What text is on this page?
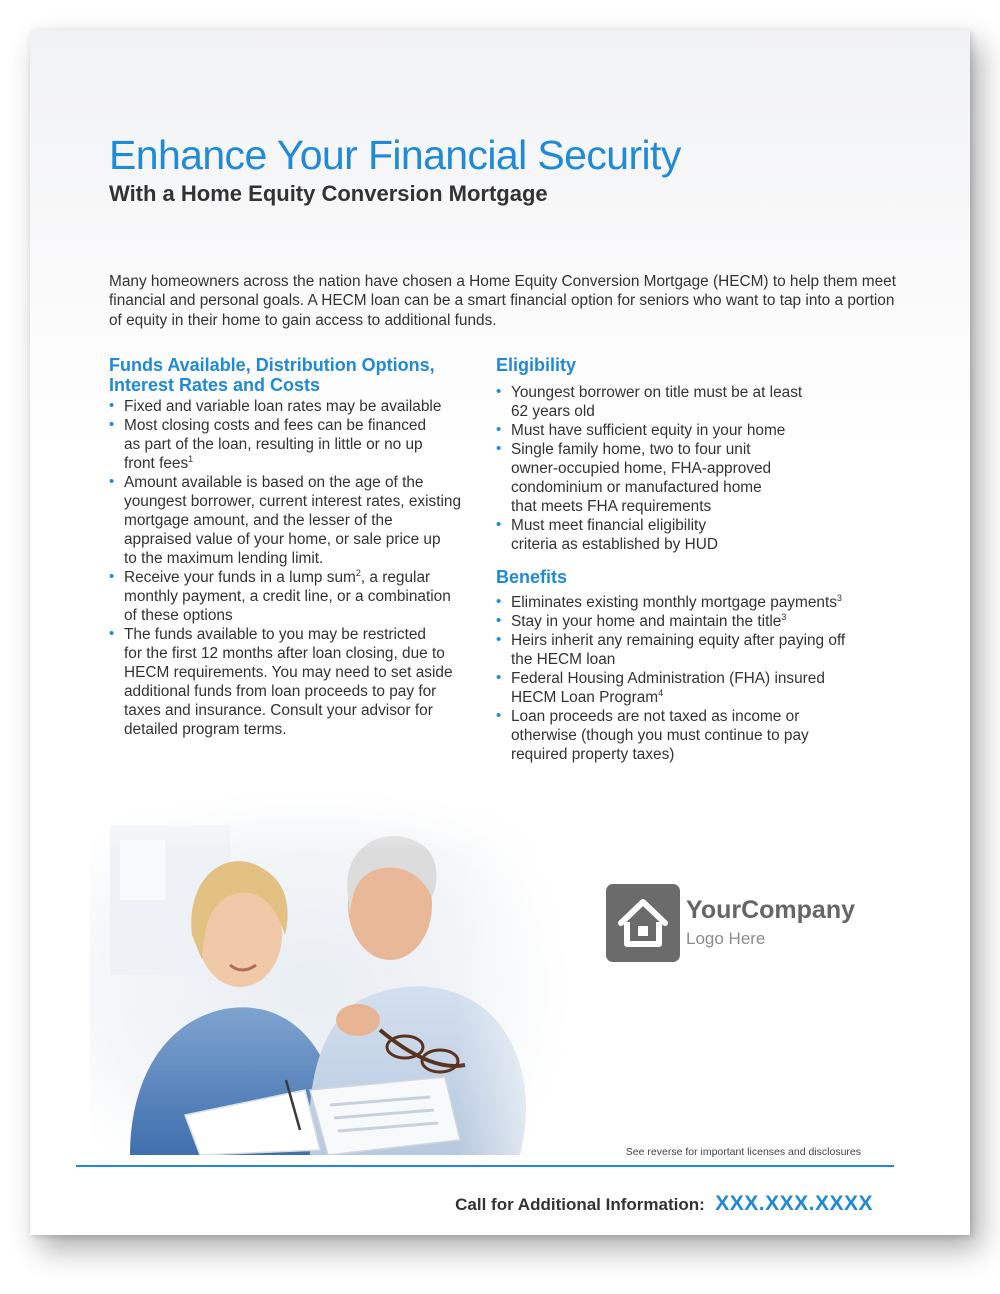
Enhance Your Financial Security
With a Home Equity Conversion Mortgage

Many homeowners across the nation have chosen a Home Equity Conversion Mortgage (HECM) to help them meet financial and personal goals. A HECM loan can be a smart financial option for seniors who want to tap into a portion of equity in their home to gain access to additional funds.

Funds Available, Distribution Options, Interest Rates and Costs
• Fixed and variable loan rates may be available
• Most closing costs and fees can be financed
as part of the loan, resulting in little or no up
front fees$^1$
• Amount available is based on the age of the
youngest borrower, current interest rates, existing
mortgage amount, and the lesser of the
appraised value of your home, or sale price up
to the maximum lending limit.
• Receive your funds in a lump sum$^2$, a regular
monthly payment, a credit line, or a combination
of these options
• The funds available to you may be restricted
for the first 12 months after loan closing, due to
HECM requirements. You may need to set aside
additional funds from loan proceeds to pay for
taxes and insurance. Consult your advisor for
detailed program terms.
Eligibility
• Youngest borrower on title must be at least
62 years old
• Must have sufficient equity in your home
• Single family home, two to four unit
owner-occupied home, FHA-approved
condominium or manufactured home
that meets FHA requirements
• Must meet financial eligibility
criteria as established by HUD
Benefits
• Eliminates existing monthly mortgage payments$^3$
• Stay in your home and maintain the title$^3$
• Heirs inherit any remaining equity after paying off
the HECM loan
• Federal Housing Administration (FHA) insured
HECM Loan Program$^4$
• Loan proceeds are not taxed as income or
otherwise (though you must continue to pay
required property taxes)
YourCompany
Logo Here

See reverse for important licenses and disclosures

Call for Additional Information: XXX.XXX.XXXX
